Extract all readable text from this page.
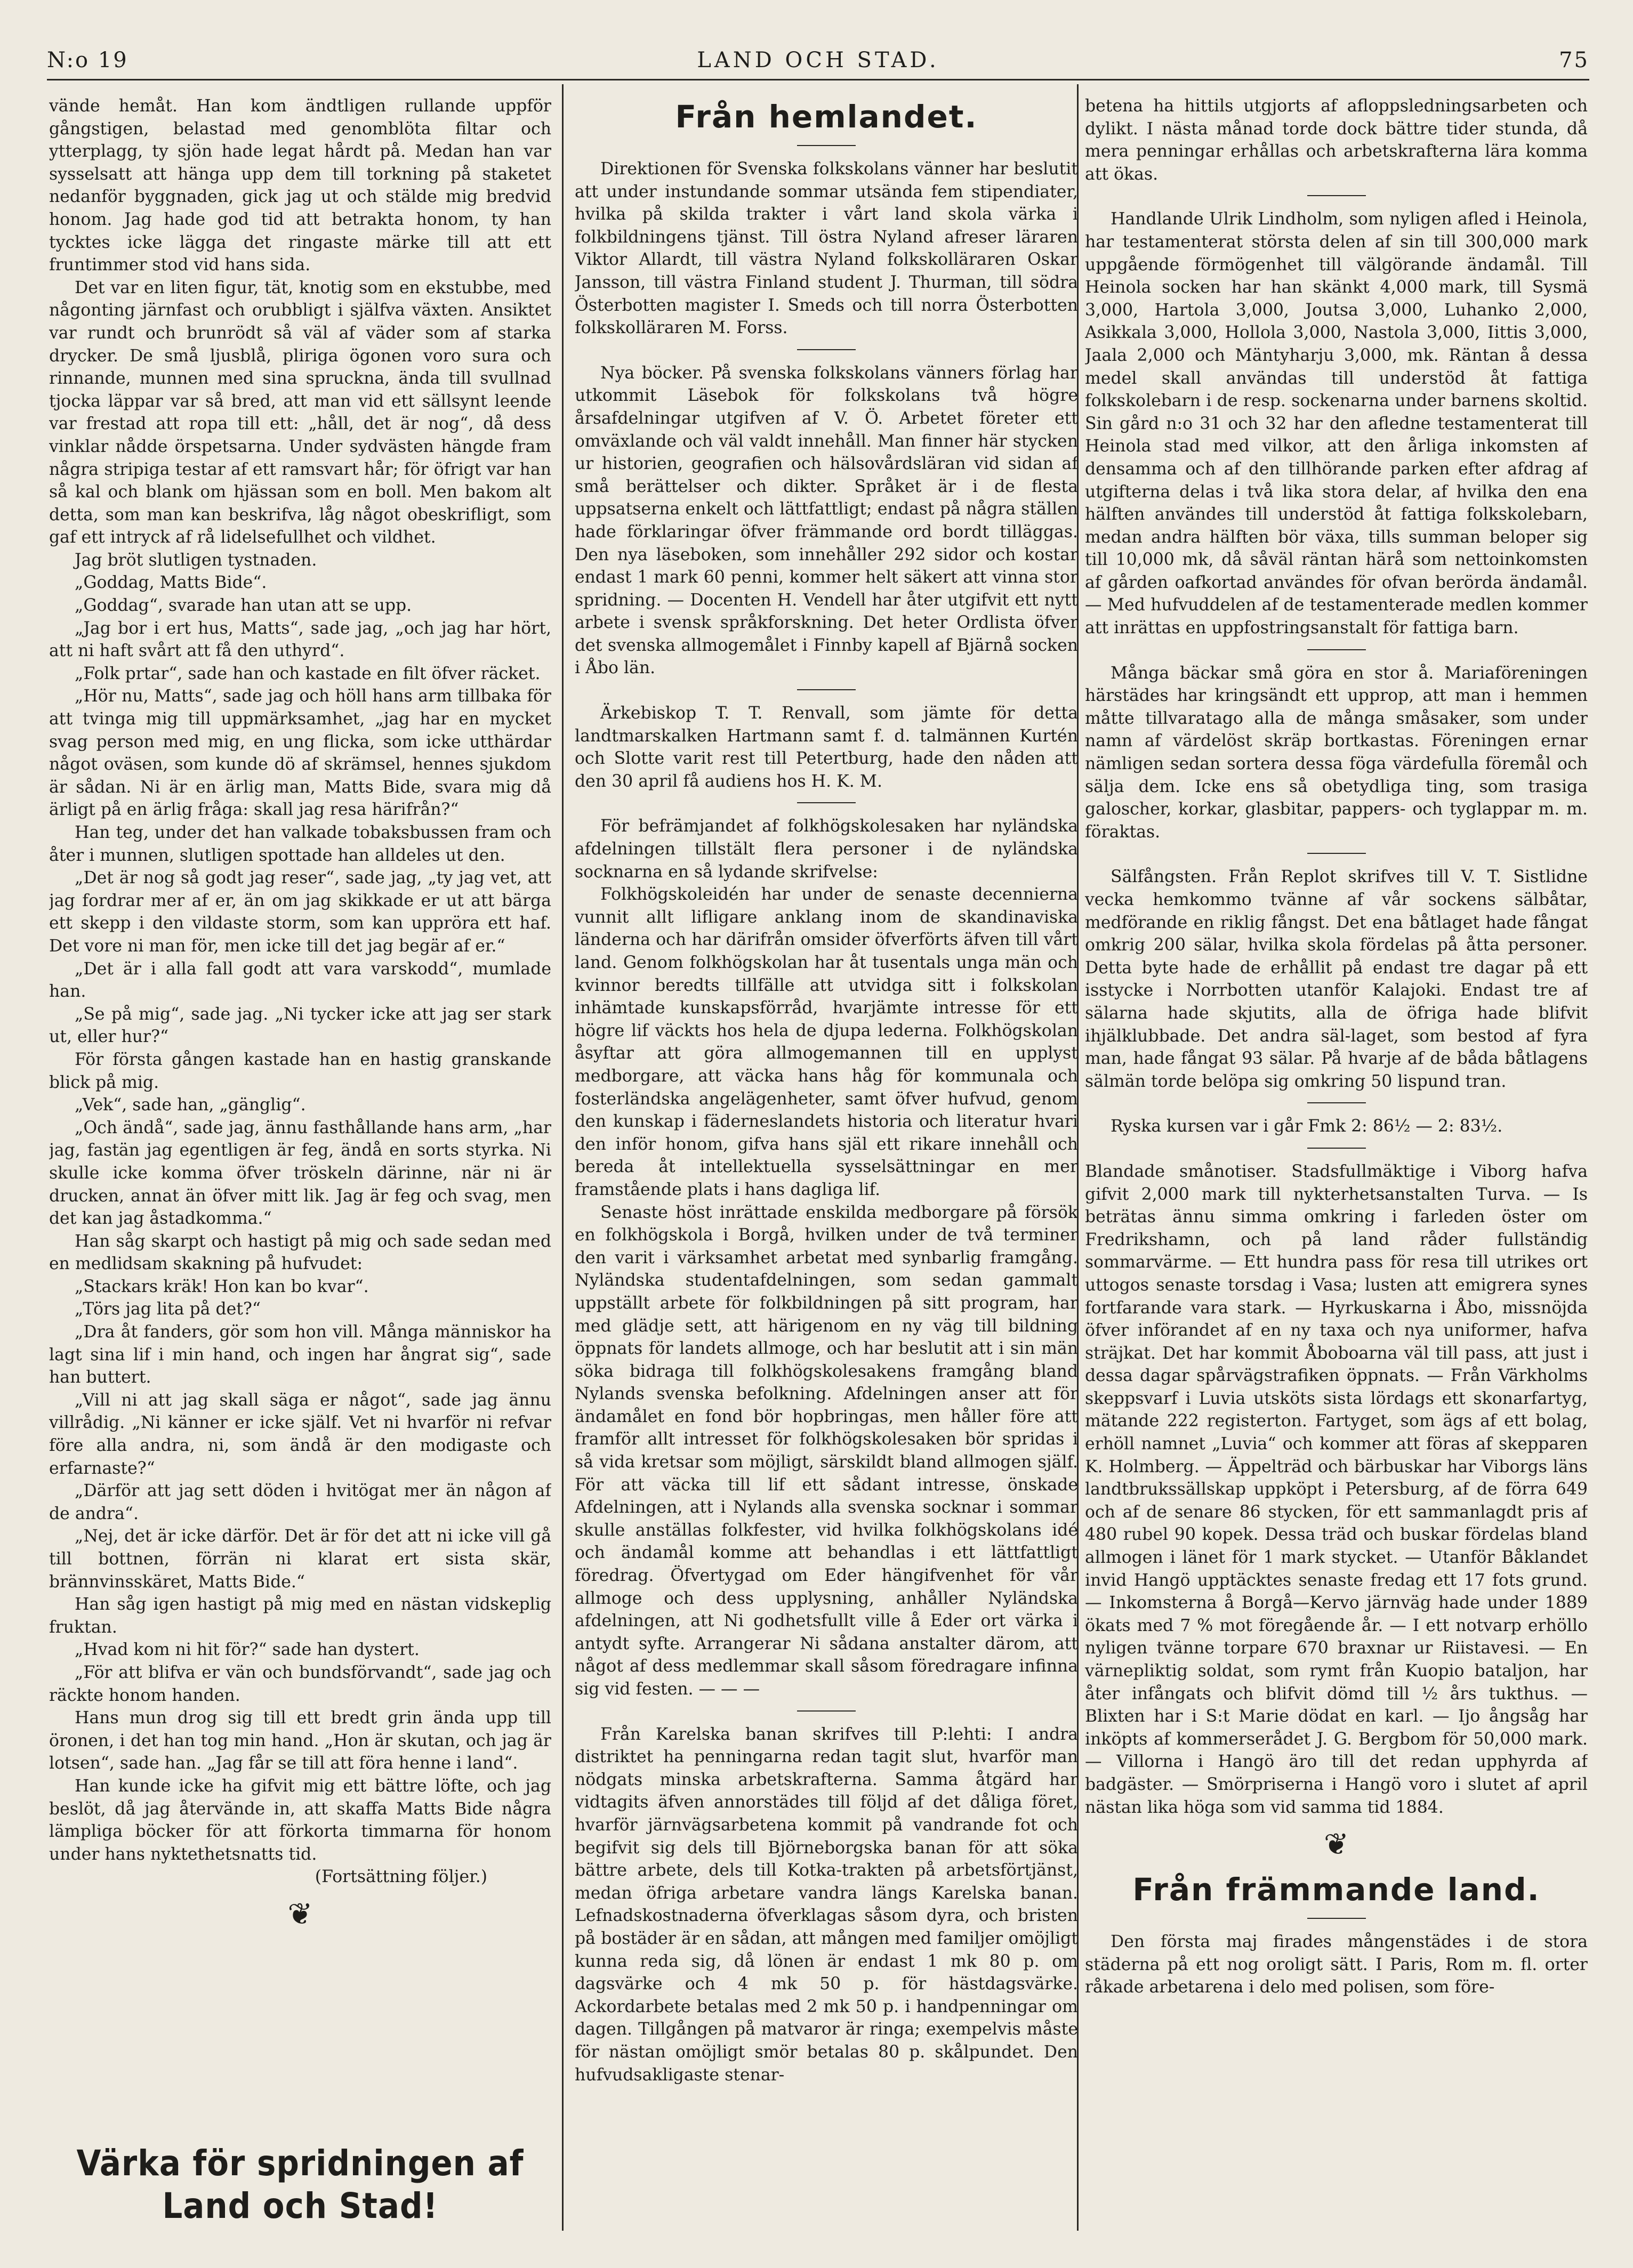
N:o 19	LAND OCH STAD.	75

vände hemåt. Han kom ändtligen rullande uppför gångstigen, belastad med genomblöta filtar och ytterplagg, ty sjön hade legat hårdt på. Medan han var sysselsatt att hänga upp dem till torkning på staketet nedanför byggnaden, gick jag ut och stälde mig bredvid honom. Jag hade god tid att betrakta honom, ty han tycktes icke lägga det ringaste märke till att ett fruntimmer stod vid hans sida.

Det var en liten figur, tät, knotig som en ekstubbe, med någonting järnfast och orubbligt i själfva växten. Ansiktet var rundt och brunrödt så väl af väder som af starka drycker. De små ljusblå, pliriga ögonen voro sura och rinnande, munnen med sina spruckna, ända till svullnad tjocka läppar var så bred, att man vid ett sällsynt leende var frestad att ropa till ett: „håll, det är nog“, då dess vinklar nådde örspetsarna. Under sydvästen hängde fram några stripiga testar af ett ramsvart hår; för öfrigt var han så kal och blank om hjässan som en boll. Men bakom alt detta, som man kan beskrifva, låg något obeskrifligt, som gaf ett intryck af rå lidelsefullhet och vildhet.

Jag bröt slutligen tystnaden.

„Goddag, Matts Bide“.

„Goddag“, svarade han utan att se upp.

„Jag bor i ert hus, Matts“, sade jag, „och jag har hört, att ni haft svårt att få den uthyrd“.

„Folk prtar“, sade han och kastade en filt öfver räcket.

„Hör nu, Matts“, sade jag och höll hans arm tillbaka för att tvinga mig till uppmärksamhet, „jag har en mycket svag person med mig, en ung flicka, som icke utthärdar något oväsen, som kunde dö af skrämsel, hennes sjukdom är sådan. Ni är en ärlig man, Matts Bide, svara mig då ärligt på en ärlig fråga: skall jag resa härifrån?“

Han teg, under det han valkade tobaksbussen fram och åter i munnen, slutligen spottade han alldeles ut den.

„Det är nog så godt jag reser“, sade jag, „ty jag vet, att jag fordrar mer af er, än om jag skikkade er ut att bärga ett skepp i den vildaste storm, som kan uppröra ett haf. Det vore ni man för, men icke till det jag begär af er.“

„Det är i alla fall godt att vara varskodd“, mumlade han.

„Se på mig“, sade jag. „Ni tycker icke att jag ser stark ut, eller hur?“

För första gången kastade han en hastig granskande blick på mig.

„Vek“, sade han, „gänglig“.

„Och ändå“, sade jag, ännu fasthållande hans arm, „har jag, fastän jag egentligen är feg, ändå en sorts styrka. Ni skulle icke komma öfver tröskeln därinne, när ni är drucken, annat än öfver mitt lik. Jag är feg och svag, men det kan jag åstadkomma.“

Han såg skarpt och hastigt på mig och sade sedan med en medlidsam skakning på hufvudet:

„Stackars kräk! Hon kan bo kvar“.

„Törs jag lita på det?“

„Dra åt fanders, gör som hon vill. Många människor ha lagt sina lif i min hand, och ingen har ångrat sig“, sade han buttert.

„Vill ni att jag skall säga er något“, sade jag ännu villrådig. „Ni känner er icke själf. Vet ni hvarför ni refvar före alla andra, ni, som ändå är den modigaste och erfarnaste?“

„Därför att jag sett döden i hvitögat mer än någon af de andra“.

„Nej, det är icke därför. Det är för det att ni icke vill gå till bottnen, förrän ni klarat ert sista skär, brännvinsskäret, Matts Bide.“

Han såg igen hastigt på mig med en nästan vidskeplig fruktan.

„Hvad kom ni hit för?“ sade han dystert.

„För att blifva er vän och bundsförvandt“, sade jag och räckte honom handen.

Hans mun drog sig till ett bredt grin ända upp till öronen, i det han tog min hand. „Hon är skutan, och jag är lotsen“, sade han. „Jag får se till att föra henne i land“.

Han kunde icke ha gifvit mig ett bättre löfte, och jag beslöt, då jag återvände in, att skaffa Matts Bide några lämpliga böcker för att förkorta timmarna för honom under hans nyktethetsnatts tid.

(Fortsättning följer.)

❦
Värka för spridningen af Land och Stad!
Från hemlandet.

Direktionen för Svenska folkskolans vänner har beslutit att under instundande sommar utsända fem stipendiater, hvilka på skilda trakter i vårt land skola värka i folkbildningens tjänst. Till östra Nyland afreser läraren Viktor Allardt, till västra Nyland folkskolläraren Oskar Jansson, till västra Finland student J. Thurman, till södra Österbotten magister I. Smeds och till norra Österbotten folkskolläraren M. Forss.

Nya böcker. På svenska folkskolans vänners förlag har utkommit Läsebok för folkskolans två högre årsafdelningar utgifven af V. Ö. Arbetet företer ett omväxlande och väl valdt innehåll. Man finner här stycken ur historien, geografien och hälsovårdsläran vid sidan af små berättelser och dikter. Språket är i de flesta uppsatserna enkelt och lättfattligt; endast på några ställen hade förklaringar öfver främmande ord bordt tilläggas. Den nya läseboken, som innehåller 292 sidor och kostar endast 1 mark 60 penni, kommer helt säkert att vinna stor spridning. — Docenten H. Vendell har åter utgifvit ett nytt arbete i svensk språkforskning. Det heter Ordlista öfver det svenska allmogemålet i Finnby kapell af Bjärnå socken i Åbo län.

Ärkebiskop T. T. Renvall, som jämte för detta landtmarskalken Hartmann samt f. d. talmännen Kurtén och Slotte varit rest till Petertburg, hade den nåden att den 30 april få audiens hos H. K. M.

För befrämjandet af folkhögskolesaken har nyländska afdelningen tillstält flera personer i de nyländska socknarna en så lydande skrifvelse:

Folkhögskoleidén har under de senaste decennierna vunnit allt lifligare anklang inom de skandinaviska länderna och har därifrån omsider öfverförts äfven till vårt land. Genom folkhögskolan har åt tusentals unga män och kvinnor beredts tillfälle att utvidga sitt i folkskolan inhämtade kunskapsförråd, hvarjämte intresse för ett högre lif väckts hos hela de djupa lederna. Folkhögskolan åsyftar att göra allmogemannen till en upplyst medborgare, att väcka hans håg för kommunala och fosterländska angelägenheter, samt öfver hufvud, genom den kunskap i fäderneslandets historia och literatur hvari den inför honom, gifva hans själ ett rikare innehåll och bereda åt intellektuella sysselsättningar en mer framstående plats i hans dagliga lif.

Senaste höst inrättade enskilda medborgare på försök en folkhögskola i Borgå, hvilken under de två terminer den varit i värksamhet arbetat med synbarlig framgång. Nyländska studentafdelningen, som sedan gammalt uppställt arbete för folkbildningen på sitt program, har med glädje sett, att härigenom en ny väg till bildning öppnats för landets allmoge, och har beslutit att i sin män söka bidraga till folkhögskolesakens framgång bland Nylands svenska befolkning. Afdelningen anser att för ändamålet en fond bör hopbringas, men håller före att framför allt intresset för folkhögskolesaken bör spridas i så vida kretsar som möjligt, särskildt bland allmogen själf. För att väcka till lif ett sådant intresse, önskade Afdelningen, att i Nylands alla svenska socknar i sommar skulle anställas folkfester, vid hvilka folkhögskolans idé och ändamål komme att behandlas i ett lättfattligt föredrag. Öfvertygad om Eder hängifvenhet för vår allmoge och dess upplysning, anhåller Nyländska afdelningen, att Ni godhetsfullt ville å Eder ort värka i antydt syfte. Arrangerar Ni sådana anstalter därom, att något af dess medlemmar skall såsom föredragare infinna sig vid festen. — — —

Från Karelska banan skrifves till P:lehti: I andra distriktet ha penningarna redan tagit slut, hvarför man nödgats minska arbetskrafterna. Samma åtgärd har vidtagits äfven annorstädes till följd af det dåliga föret, hvarför järnvägsarbetena kommit på vandrande fot och begifvit sig dels till Björneborgska banan för att söka bättre arbete, dels till Kotka-trakten på arbetsförtjänst, medan öfriga arbetare vandra längs Karelska banan. Lefnadskostnaderna öfverklagas såsom dyra, och bristen på bostäder är en sådan, att mången med familjer omöjligt kunna reda sig, då lönen är endast 1 mk 80 p. om dagsvärke och 4 mk 50 p. för hästdagsvärke. Ackordarbete betalas med 2 mk 50 p. i handpenningar om dagen. Tillgången på matvaror är ringa; exempelvis måste för nästan omöjligt smör betalas 80 p. skålpundet. Den hufvudsakligaste stenar-

betena ha hittils utgjorts af afloppsledningsarbeten och dylikt. I nästa månad torde dock bättre tider stunda, då mera penningar erhållas och arbetskrafterna lära komma att ökas.

Handlande Ulrik Lindholm, som nyligen afled i Heinola, har testamenterat största delen af sin till 300,000 mark uppgående förmögenhet till välgörande ändamål. Till Heinola socken har han skänkt 4,000 mark, till Sysmä 3,000, Hartola 3,000, Joutsa 3,000, Luhanko 2,000, Asikkala 3,000, Hollola 3,000, Nastola 3,000, Iittis 3,000, Jaala 2,000 och Mäntyharju 3,000, mk. Räntan å dessa medel skall användas till understöd åt fattiga folkskolebarn i de resp. sockenarna under barnens skoltid. Sin gård n:o 31 och 32 har den afledne testamenterat till Heinola stad med vilkor, att den årliga inkomsten af densamma och af den tillhörande parken efter afdrag af utgifterna delas i två lika stora delar, af hvilka den ena hälften användes till understöd åt fattiga folkskolebarn, medan andra hälften bör växa, tills summan beloper sig till 10,000 mk, då såväl räntan härå som nettoinkomsten af gården oafkortad användes för ofvan berörda ändamål. — Med hufvuddelen af de testamenterade medlen kommer att inrättas en uppfostringsanstalt för fattiga barn.

Många bäckar små göra en stor å. Mariaföreningen härstädes har kringsändt ett upprop, att man i hemmen måtte tillvaratago alla de många småsaker, som under namn af värdelöst skräp bortkastas. Föreningen ernar nämligen sedan sortera dessa föga värdefulla föremål och sälja dem. Icke ens så obetydliga ting, som trasiga galoscher, korkar, glasbitar, pappers- och tyglappar m. m. föraktas.

Sälfångsten. Från Replot skrifves till V. T. Sistlidne vecka hemkommo tvänne af vår sockens sälbåtar, medförande en riklig fångst. Det ena båtlaget hade fångat omkrig 200 sälar, hvilka skola fördelas på åtta personer. Detta byte hade de erhållit på endast tre dagar på ett isstycke i Norrbotten utanför Kalajoki. Endast tre af sälarna hade skjutits, alla de öfriga hade blifvit ihjälklubbade. Det andra säl-laget, som bestod af fyra man, hade fångat 93 sälar. På hvarje af de båda båtlagens sälmän torde belöpa sig omkring 50 lispund tran.

Ryska kursen var i går Fmk 2: 86½ — 2: 83½.

Blandade smånotiser. Stadsfullmäktige i Viborg hafva gifvit 2,000 mark till nykterhetsanstalten Turva. — Is beträtas ännu simma omkring i farleden öster om Fredrikshamn, och på land råder fullständig sommarvärme. — Ett hundra pass för resa till utrikes ort uttogos senaste torsdag i Vasa; lusten att emigrera synes fortfarande vara stark. — Hyrkuskarna i Åbo, missnöjda öfver införandet af en ny taxa och nya uniformer, hafva sträjkat. Det har kommit Åboboarna väl till pass, att just i dessa dagar spårvägstrafiken öppnats. — Från Värkholms skeppsvarf i Luvia utsköts sista lördags ett skonarfartyg, mätande 222 registerton. Fartyget, som ägs af ett bolag, erhöll namnet „Luvia“ och kommer att föras af skepparen K. Holmberg. — Äppelträd och bärbuskar har Viborgs läns landtbrukssällskap uppköpt i Petersburg, af de förra 649 och af de senare 86 stycken, för ett sammanlagdt pris af 480 rubel 90 kopek. Dessa träd och buskar fördelas bland allmogen i länet för 1 mark stycket. — Utanför Båklandet invid Hangö upptäcktes senaste fredag ett 17 fots grund. — Inkomsterna å Borgå—Kervo järnväg hade under 1889 ökats med 7 % mot föregående år. — I ett notvarp erhöllo nyligen tvänne torpare 670 braxnar ur Riistavesi. — En värnepliktig soldat, som rymt från Kuopio bataljon, har åter infångats och blifvit dömd till ½ års tukthus. — Blixten har i S:t Marie dödat en karl. — Ijo ångsåg har inköpts af kommerserådet J. G. Bergbom för 50,000 mark. — Villorna i Hangö äro till det redan upphyrda af badgäster. — Smörpriserna i Hangö voro i slutet af april nästan lika höga som vid samma tid 1884.

❦
Från främmande land.

Den första maj firades mångenstädes i de stora städerna på ett nog oroligt sätt. I Paris, Rom m. fl. orter råkade arbetarena i delo med polisen, som före-
